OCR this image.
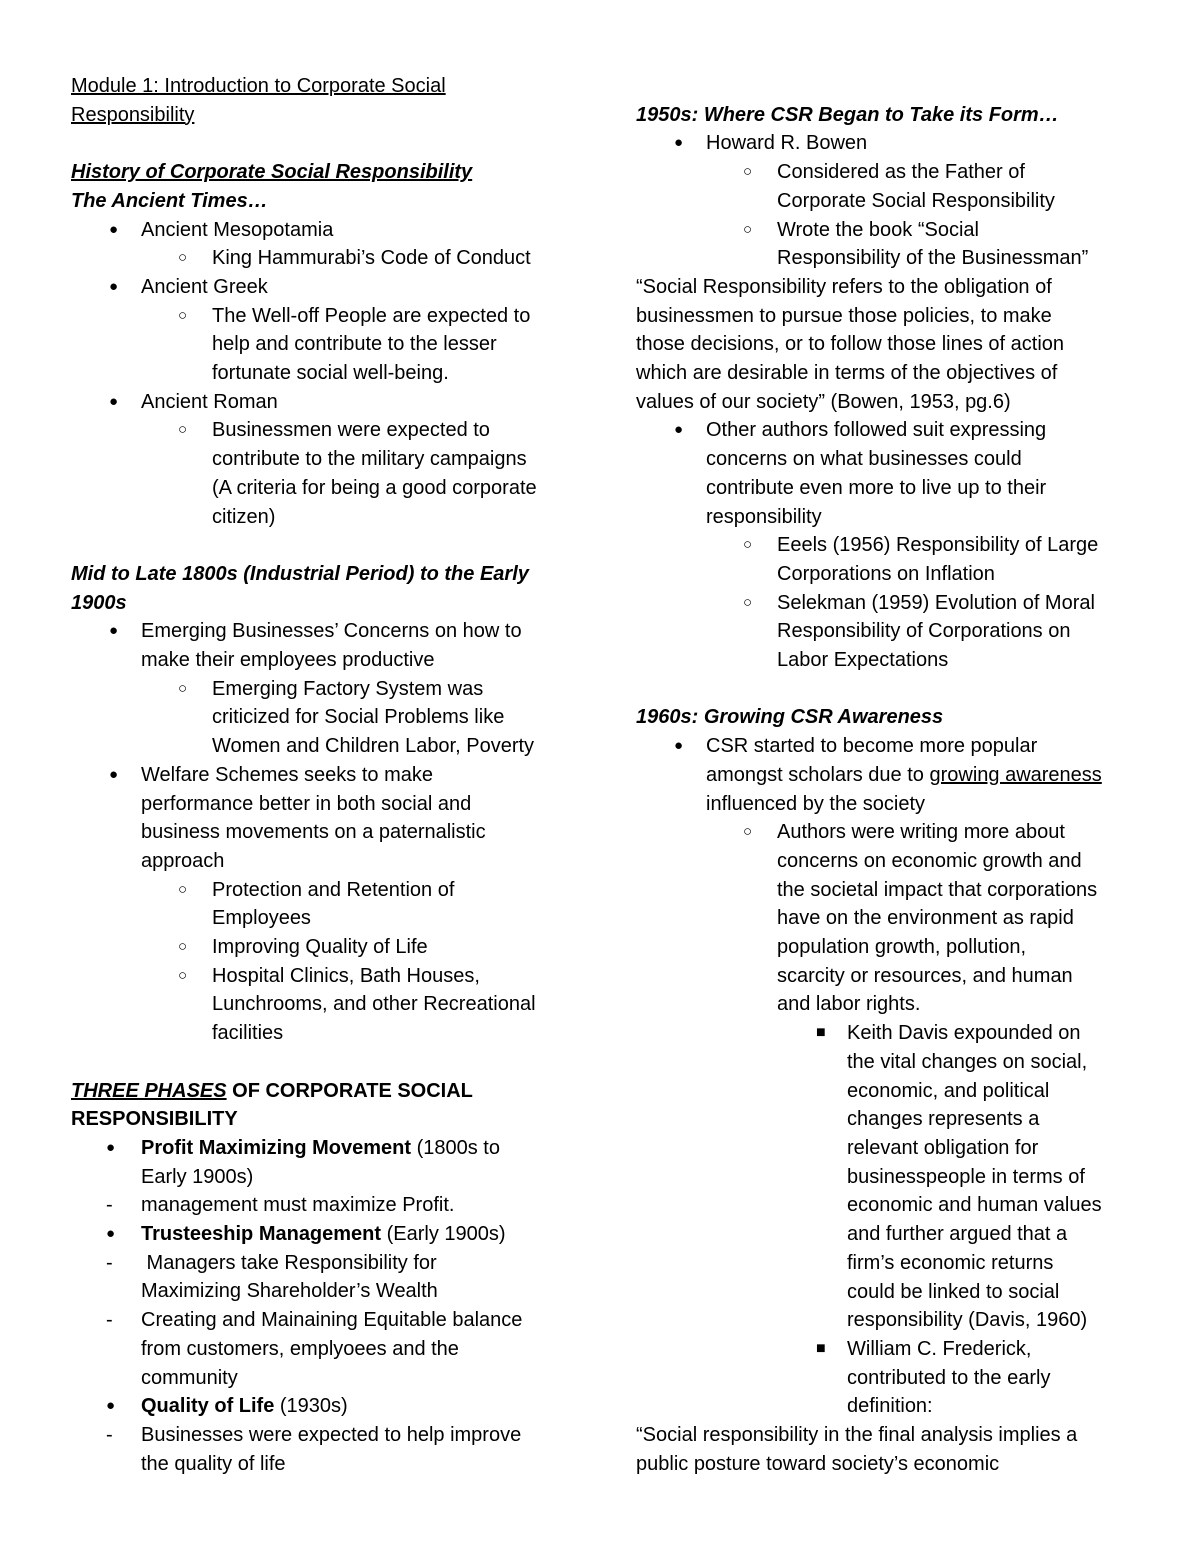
Module 1: Introduction to Corporate Social
Responsibility
History of Corporate Social Responsibility
The Ancient Times…
● Ancient Mesopotamia
○ King Hammurabi’s Code of Conduct
● Ancient Greek
○ The Well-off People are expected to
help and contribute to the lesser
fortunate social well-being.
● Ancient Roman
○ Businessmen were expected to
contribute to the military campaigns
(A criteria for being a good corporate
citizen)
Mid to Late 1800s (Industrial Period) to the Early
1900s
● Emerging Businesses’ Concerns on how to
make their employees productive
○ Emerging Factory System was
criticized for Social Problems like
Women and Children Labor, Poverty
● Welfare Schemes seeks to make
performance better in both social and
business movements on a paternalistic
approach
○ Protection and Retention of
Employees
○ Improving Quality of Life
○ Hospital Clinics, Bath Houses,
Lunchrooms, and other Recreational
facilities
THREE PHASES OF CORPORATE SOCIAL
RESPONSIBILITY
● Profit Maximizing Movement (1800s to
Early 1900s)
- management must maximize Profit.
● Trusteeship Management (Early 1900s)
- Managers take Responsibility for
Maximizing Shareholder’s Wealth
- Creating and Mainaining Equitable balance
from customers, emplyoees and the
community
● Quality of Life (1930s)
- Businesses were expected to help improve
the quality of life
1950s: Where CSR Began to Take its Form…
● Howard R. Bowen
○ Considered as the Father of
Corporate Social Responsibility
○ Wrote the book “Social
Responsibility of the Businessman”
“Social Responsibility refers to the obligation of
businessmen to pursue those policies, to make
those decisions, or to follow those lines of action
which are desirable in terms of the objectives of
values of our society” (Bowen, 1953, pg.6)
● Other authors followed suit expressing
concerns on what businesses could
contribute even more to live up to their
responsibility
○ Eeels (1956) Responsibility of Large
Corporations on Inflation
○ Selekman (1959) Evolution of Moral
Responsibility of Corporations on
Labor Expectations
1960s: Growing CSR Awareness
● CSR started to become more popular
amongst scholars due to growing awareness
influenced by the society
○ Authors were writing more about
concerns on economic growth and
the societal impact that corporations
have on the environment as rapid
population growth, pollution,
scarcity or resources, and human
and labor rights.
■ Keith Davis expounded on
the vital changes on social,
economic, and political
changes represents a
relevant obligation for
businesspeople in terms of
economic and human values
and further argued that a
firm’s economic returns
could be linked to social
responsibility (Davis, 1960)
■ William C. Frederick,
contributed to the early
definition:
“Social responsibility in the final analysis implies a
public posture toward society’s economic
